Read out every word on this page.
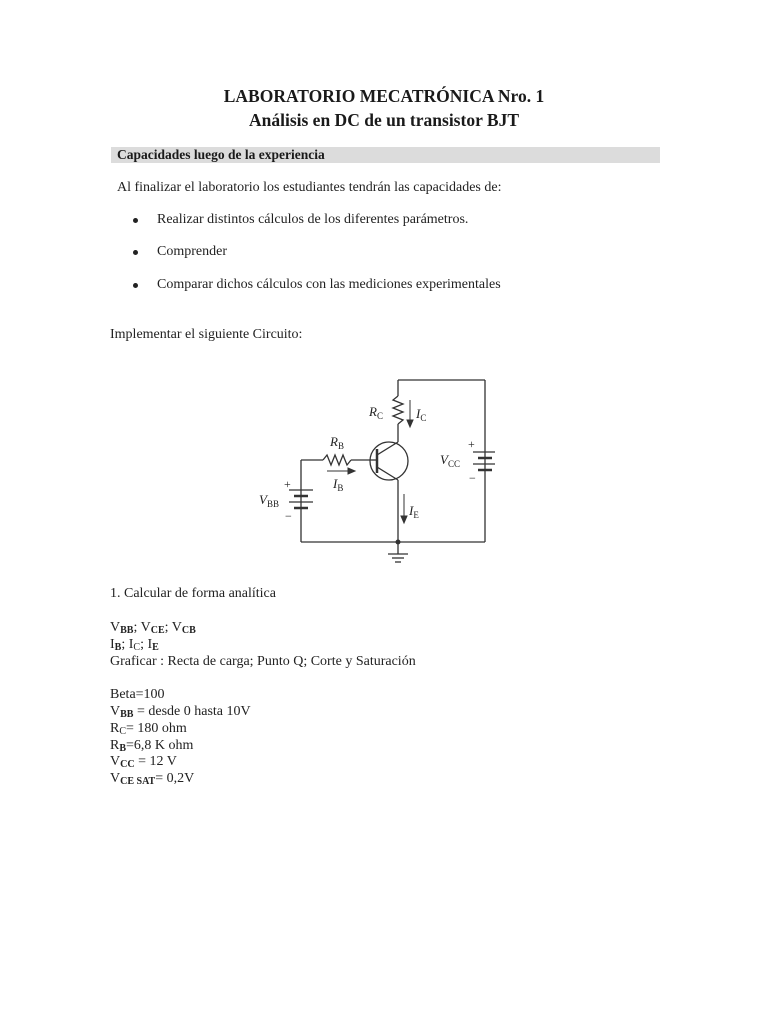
LABORATORIO MECATRÓNICA Nro. 1
Análisis en DC de un transistor BJT
Capacidades luego de la experiencia
Al finalizar el laboratorio los estudiantes tendrán las capacidades de:
Realizar distintos cálculos de los diferentes parámetros.
Comprender
Comparar dichos cálculos con las mediciones experimentales
Implementar el siguiente Circuito:
$R_C$	$I_C$
$R_B$
$I_B$
$I_E$
$V_{BB}$
$V_{CC}$
+
−
+
−
1. Calcular de forma analítica
$V_{BB}$; $V_{CE}$; $V_{CB}$
$I_B$; $I_C$; $I_E$
Graficar : Recta de carga; Punto Q; Corte y Saturación
Beta=100
$V_{BB}$ = desde 0 hasta 10V
$R_C= 180$ ohm
$R_B=6,8$ K ohm
$V_{CC} = 12$ V
$V_{CE SAT}= 0,2V$
